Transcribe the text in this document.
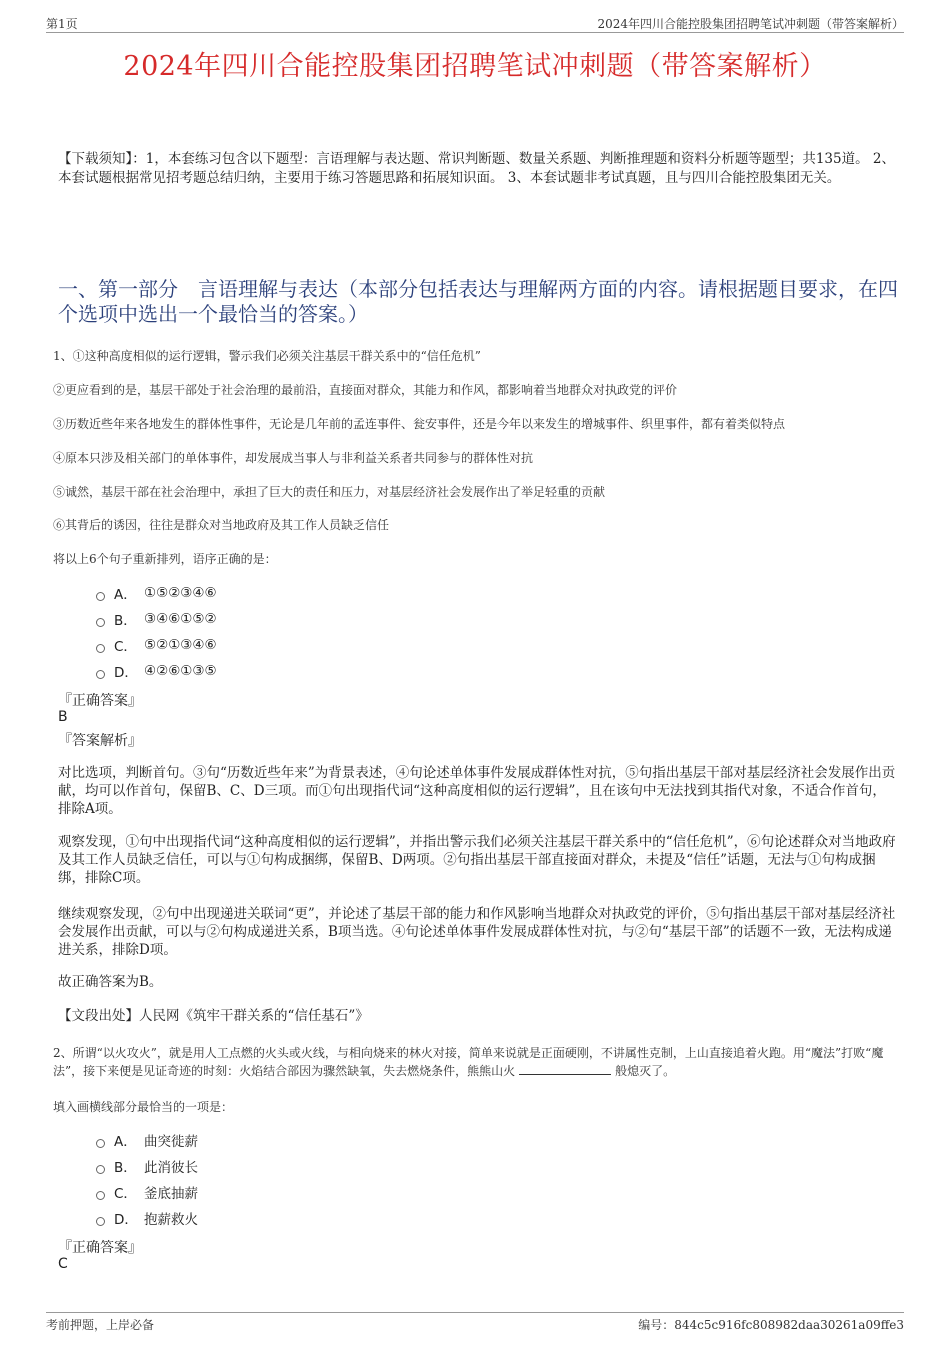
第1页	2024年四川合能控股集团招聘笔试冲刺题（带答案解析）
2024年四川合能控股集团招聘笔试冲刺题（带答案解析）
【下载须知】：1，本套练习包含以下题型：言语理解与表达题、常识判断题、数量关系题、判断推理题和资料分析题等题型；共135道。 2、本套试题根据常见招考题总结归纳，主要用于练习答题思路和拓展知识面。 3、本套试题非考试真题，且与四川合能控股集团无关。
一、第一部分　言语理解与表达（本部分包括表达与理解两方面的内容。请根据题目要求，在四个选项中选出一个最恰当的答案。）
1、①这种高度相似的运行逻辑，警示我们必须关注基层干群关系中的“信任危机”
②更应看到的是，基层干部处于社会治理的最前沿，直接面对群众，其能力和作风，都影响着当地群众对执政党的评价
③历数近些年来各地发生的群体性事件，无论是几年前的孟连事件、瓮安事件，还是今年以来发生的增城事件、织里事件，都有着类似特点
④原本只涉及相关部门的单体事件，却发展成当事人与非利益关系者共同参与的群体性对抗
⑤诚然，基层干部在社会治理中，承担了巨大的责任和压力，对基层经济社会发展作出了举足轻重的贡献
⑥其背后的诱因，往往是群众对当地政府及其工作人员缺乏信任
将以上6个句子重新排列，语序正确的是：
A． ①⑤②③④⑥
B． ③④⑥①⑤②
C． ⑤②①③④⑥
D． ④②⑥①③⑤
『正确答案』
B
『答案解析』
对比选项，判断首句。③句“历数近些年来”为背景表述，④句论述单体事件发展成群体性对抗，⑤句指出基层干部对基层经济社会发展作出贡献，均可以作首句，保留B、C、D三项。而①句出现指代词“这种高度相似的运行逻辑”，且在该句中无法找到其指代对象，不适合作首句，排除A项。
观察发现，①句中出现指代词“这种高度相似的运行逻辑”，并指出警示我们必须关注基层干群关系中的“信任危机”，⑥句论述群众对当地政府及其工作人员缺乏信任，可以与①句构成捆绑，保留B、D两项。②句指出基层干部直接面对群众，未提及“信任”话题，无法与①句构成捆绑，排除C项。
继续观察发现，②句中出现递进关联词“更”，并论述了基层干部的能力和作风影响当地群众对执政党的评价，⑤句指出基层干部对基层经济社会发展作出贡献，可以与②句构成递进关系，B项当选。④句论述单体事件发展成群体性对抗，与②句“基层干部”的话题不一致，无法构成递进关系，排除D项。
故正确答案为B。
【文段出处】人民网《筑牢干群关系的“信任基石”》
2、所谓“以火攻火”，就是用人工点燃的火头或火线，与相向烧来的林火对接，简单来说就是正面硬刚，不讲属性克制，上山直接追着火跑。用“魔法”打败“魔法”，接下来便是见证奇迹的时刻：火焰结合部因为骤然缺氧，失去燃烧条件，熊熊山火	般熄灭了。
填入画横线部分最恰当的一项是：
A． 曲突徙薪
B． 此消彼长
C． 釜底抽薪
D． 抱薪救火
『正确答案』
C
考前押题，上岸必备	编号：844c5c916fc808982daa30261a09ffe3
